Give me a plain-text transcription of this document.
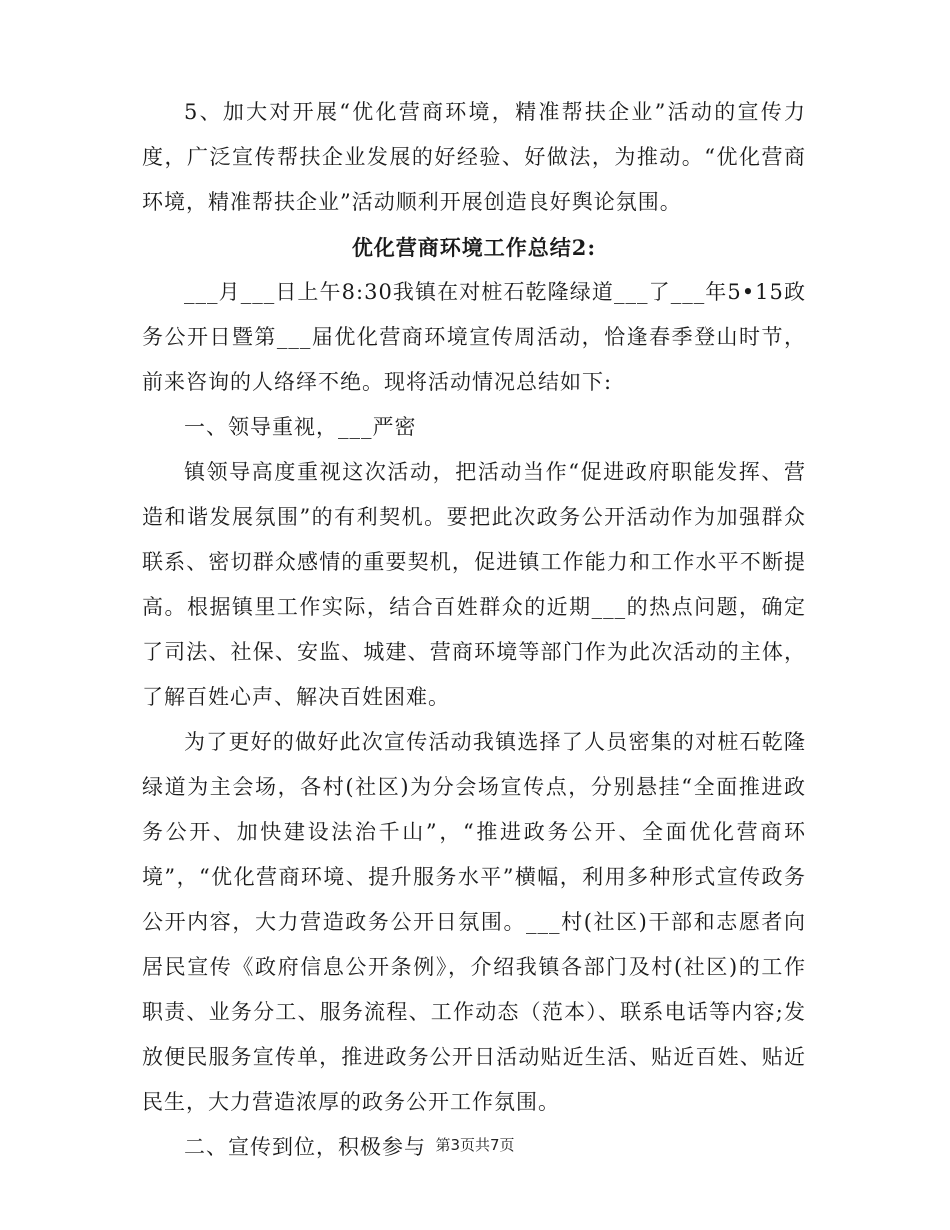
5、加大对开展“优化营商环境，精准帮扶企业”活动的宣传力度，广泛宣传帮扶企业发展的好经验、好做法，为推动。“优化营商环境，精准帮扶企业”活动顺利开展创造良好舆论氛围。

优化营商环境工作总结2:

___月___日上午8:30我镇在对桩石乾隆绿道___了___年5•15政务公开日暨第___届优化营商环境宣传周活动，恰逢春季登山时节，前来咨询的人络绎不绝。现将活动情况总结如下:

一、领导重视，___严密

镇领导高度重视这次活动，把活动当作“促进政府职能发挥、营造和谐发展氛围”的有利契机。要把此次政务公开活动作为加强群众联系、密切群众感情的重要契机，促进镇工作能力和工作水平不断提高。根据镇里工作实际，结合百姓群众的近期___的热点问题，确定了司法、社保、安监、城建、营商环境等部门作为此次活动的主体，了解百姓心声、解决百姓困难。

为了更好的做好此次宣传活动我镇选择了人员密集的对桩石乾隆绿道为主会场，各村(社区)为分会场宣传点，分别悬挂“全面推进政务公开、加快建设法治千山”，“推进政务公开、全面优化营商环境”，“优化营商环境、提升服务水平”横幅，利用多种形式宣传政务公开内容，大力营造政务公开日氛围。___村(社区)干部和志愿者向居民宣传《政府信息公开条例》，介绍我镇各部门及村(社区)的工作职责、业务分工、服务流程、工作动态（范本）、联系电话等内容;发放便民服务宣传单，推进政务公开日活动贴近生活、贴近百姓、贴近民生，大力营造浓厚的政务公开工作氛围。

二、宣传到位，积极参与 第3页共7页
